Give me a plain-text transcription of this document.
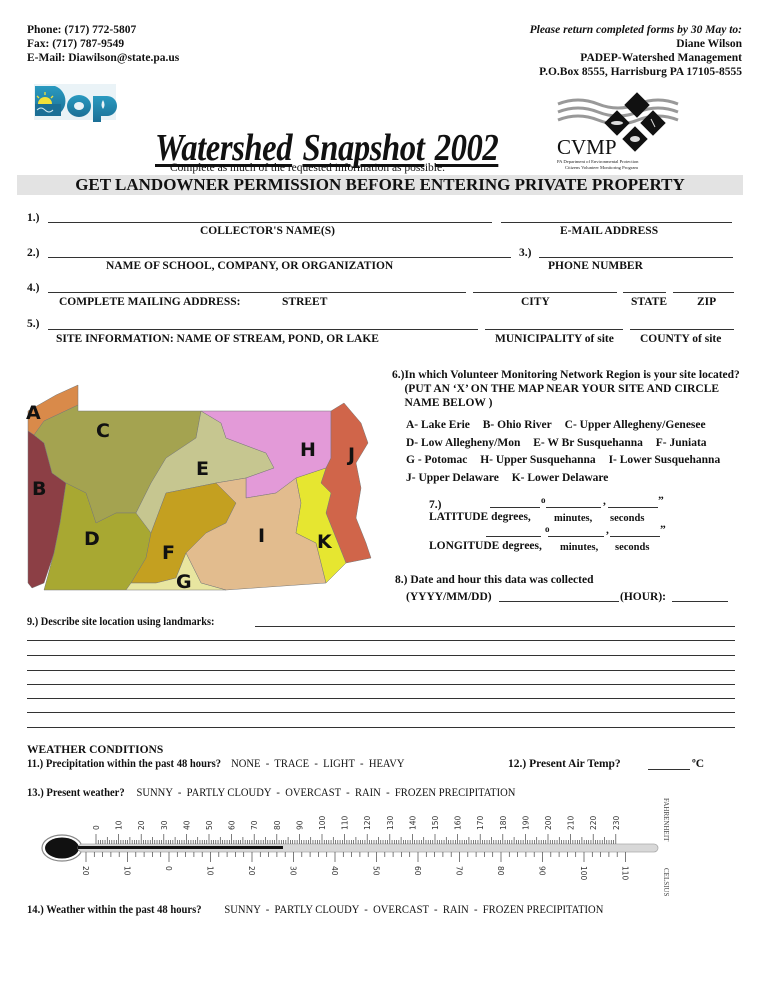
Phone: (717) 772-5807
Fax: (717) 787-9549
E-Mail: Diawilson@state.pa.us
Please return completed forms by 30 May to:
Diane Wilson
PADEP-Watershed Management
P.O.Box 8555, Harrisburg PA 17105-8555
Watershed Snapshot 2002
Complete as much of the requested information as possible.
CVMP
PA Department of Environmental Protection
Citizens Volunteer Monitoring Program
GET LANDOWNER PERMISSION BEFORE ENTERING PRIVATE PROPERTY
1.)
COLLECTOR'S NAME(S)	E-MAIL ADDRESS
2.)	3.)
NAME OF SCHOOL, COMPANY, OR ORGANIZATION	PHONE NUMBER
4.)
COMPLETE MAILING ADDRESS:	STREET	CITY	STATE	ZIP
5.)
SITE INFORMATION: NAME OF STREAM, POND, OR LAKE	MUNICIPALITY of site COUNTY of site
A
B
C
D
E
F
G
H
I
J
K
6.) In which Volunteer Monitoring Network Region is your site located? (PUT AN ‘X’ ON THE MAP NEAR YOUR SITE AND CIRCLE NAME BELOW )
A- Lake Erie B- Ohio River C- Upper Allegheny/Genesee
D- Low Allegheny/Mon E- W Br Susquehanna F- Juniata
G - Potomac H- Upper Susquehanna I- Lower Susquehanna
J- Upper Delaware K- Lower Delaware
7.)	o	,	”
LATITUDE degrees, minutes, seconds
o	,	”
LONGITUDE degrees, minutes, seconds
8.) Date and hour this data was collected
(YYYY/MM/DD)	(HOUR):
9.) Describe site location using landmarks:
WEATHER CONDITIONS
11.) Precipitation within the past 48 hours? NONE  -  TRACE  -  LIGHT  -  HEAVY	12.) Present Air Temp?	ºC
13.) Present weather? SUNNY  -  PARTLY CLOUDY  -  OVERCAST  -  RAIN  -  FROZEN PRECIPITATION
0 10 20 30 40 50 60 70 80 90 100 110 120 130 140 150 160 170 180 190 200 210 220 230
20	10	0	10	20	30	40	50	60	70	80	90	100	110
FAHRENHEIT
CELSIUS
14.) Weather within the past 48 hours? SUNNY  -  PARTLY CLOUDY  -  OVERCAST  -  RAIN  -  FROZEN PRECIPITATION
